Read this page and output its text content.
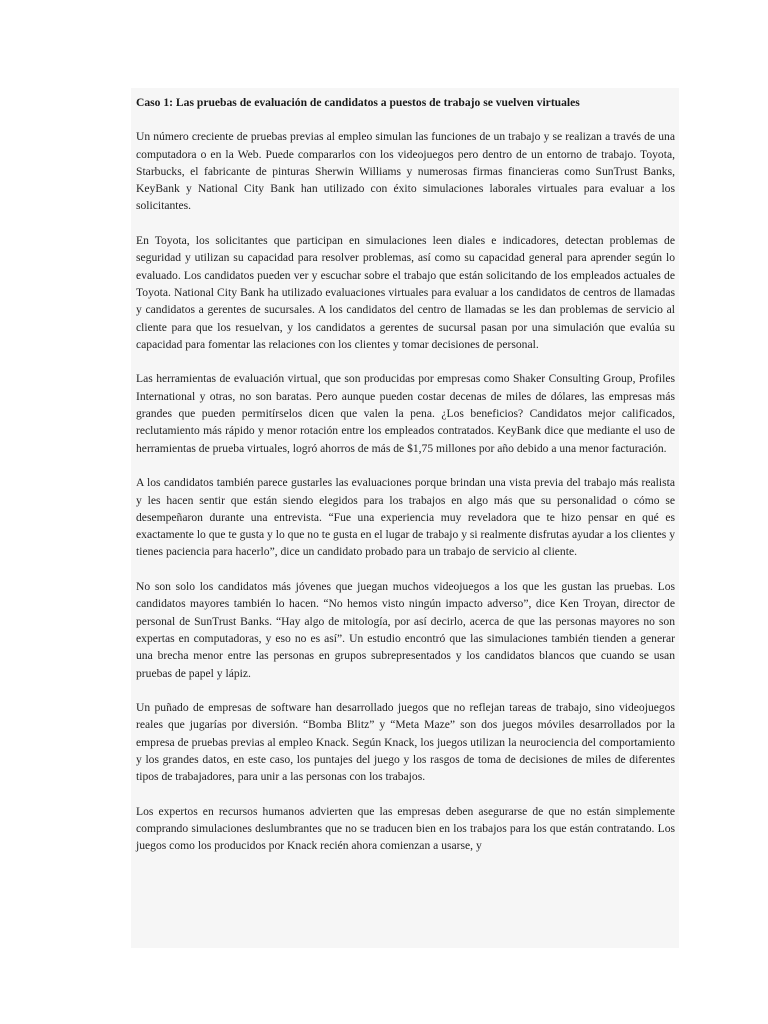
Caso 1: Las pruebas de evaluación de candidatos a puestos de trabajo se vuelven virtuales

Un número creciente de pruebas previas al empleo simulan las funciones de un trabajo y se realizan a través de una computadora o en la Web. Puede compararlos con los videojuegos pero dentro de un entorno de trabajo. Toyota, Starbucks, el fabricante de pinturas Sherwin Williams y numerosas firmas financieras como SunTrust Banks, KeyBank y National City Bank han utilizado con éxito simulaciones laborales virtuales para evaluar a los solicitantes.

En Toyota, los solicitantes que participan en simulaciones leen diales e indicadores, detectan problemas de seguridad y utilizan su capacidad para resolver problemas, así como su capacidad general para aprender según lo evaluado. Los candidatos pueden ver y escuchar sobre el trabajo que están solicitando de los empleados actuales de Toyota. National City Bank ha utilizado evaluaciones virtuales para evaluar a los candidatos de centros de llamadas y candidatos a gerentes de sucursales. A los candidatos del centro de llamadas se les dan problemas de servicio al cliente para que los resuelvan, y los candidatos a gerentes de sucursal pasan por una simulación que evalúa su capacidad para fomentar las relaciones con los clientes y tomar decisiones de personal.

Las herramientas de evaluación virtual, que son producidas por empresas como Shaker Consulting Group, Profiles International y otras, no son baratas. Pero aunque pueden costar decenas de miles de dólares, las empresas más grandes que pueden permitírselos dicen que valen la pena. ¿Los beneficios? Candidatos mejor calificados, reclutamiento más rápido y menor rotación entre los empleados contratados. KeyBank dice que mediante el uso de herramientas de prueba virtuales, logró ahorros de más de $1,75 millones por año debido a una menor facturación.

A los candidatos también parece gustarles las evaluaciones porque brindan una vista previa del trabajo más realista y les hacen sentir que están siendo elegidos para los trabajos en algo más que su personalidad o cómo se desempeñaron durante una entrevista. “Fue una experiencia muy reveladora que te hizo pensar en qué es exactamente lo que te gusta y lo que no te gusta en el lugar de trabajo y si realmente disfrutas ayudar a los clientes y tienes paciencia para hacerlo”, dice un candidato probado para un trabajo de servicio al cliente.

No son solo los candidatos más jóvenes que juegan muchos videojuegos a los que les gustan las pruebas. Los candidatos mayores también lo hacen. “No hemos visto ningún impacto adverso”, dice Ken Troyan, director de personal de SunTrust Banks. “Hay algo de mitología, por así decirlo, acerca de que las personas mayores no son expertas en computadoras, y eso no es así”. Un estudio encontró que las simulaciones también tienden a generar una brecha menor entre las personas en grupos subrepresentados y los candidatos blancos que cuando se usan pruebas de papel y lápiz.

Un puñado de empresas de software han desarrollado juegos que no reflejan tareas de trabajo, sino videojuegos reales que jugarías por diversión. “Bomba Blitz” y “Meta Maze” son dos juegos móviles desarrollados por la empresa de pruebas previas al empleo Knack. Según Knack, los juegos utilizan la neurociencia del comportamiento y los grandes datos, en este caso, los puntajes del juego y los rasgos de toma de decisiones de miles de diferentes tipos de trabajadores, para unir a las personas con los trabajos.

Los expertos en recursos humanos advierten que las empresas deben asegurarse de que no están simplemente comprando simulaciones deslumbrantes que no se traducen bien en los trabajos para los que están contratando. Los juegos como los producidos por Knack recién ahora comienzan a usarse, y
